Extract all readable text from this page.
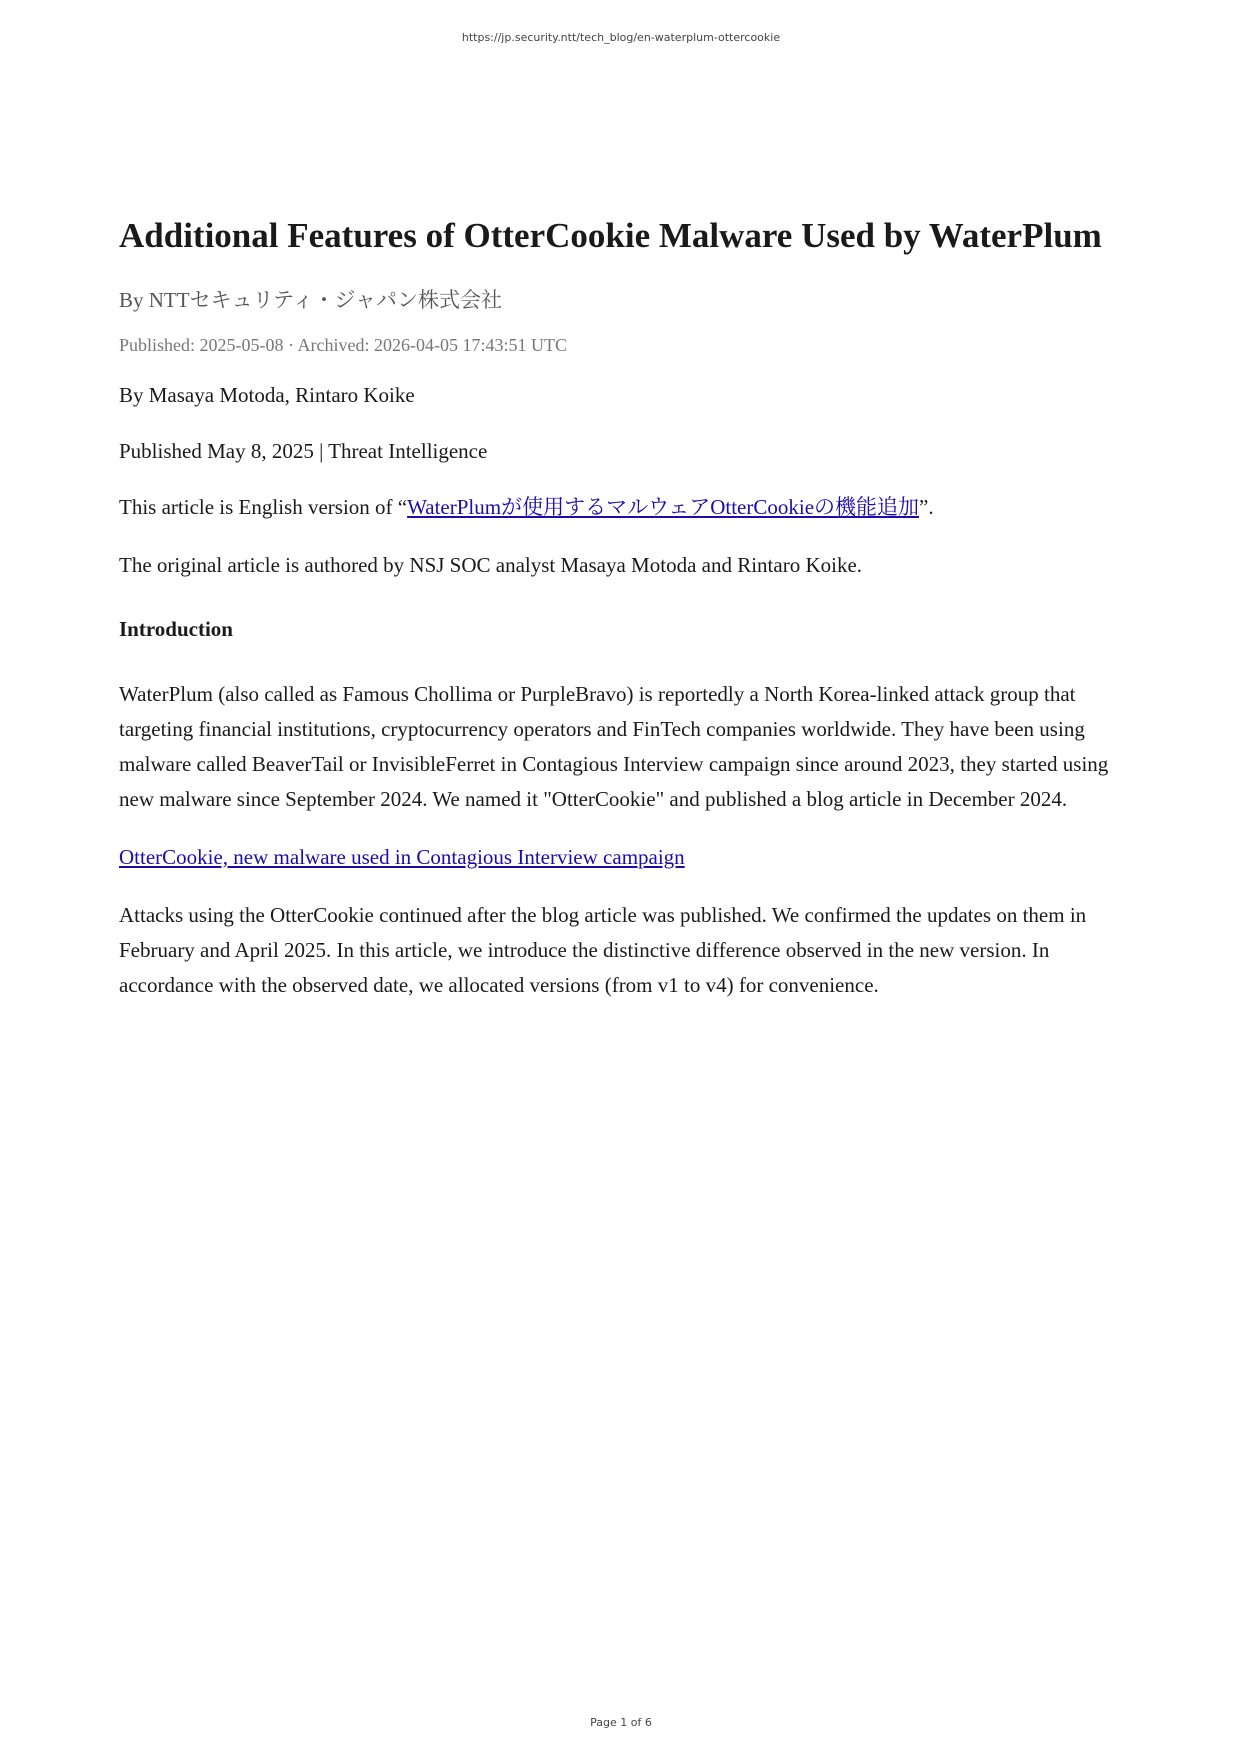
https://jp.security.ntt/tech_blog/en-waterplum-ottercookie
Additional Features of OtterCookie Malware Used by WaterPlum
By NTTセキュリティ・ジャパン株式会社
Published: 2025-05-08 · Archived: 2026-04-05 17:43:51 UTC

By Masaya Motoda, Rintaro Koike

Published May 8, 2025 | Threat Intelligence

This article is English version of “WaterPlumが使用するマルウェアOtterCookieの機能追加”.

The original article is authored by NSJ SOC analyst Masaya Motoda and Rintaro Koike.

Introduction

WaterPlum (also called as Famous Chollima or PurpleBravo) is reportedly a North Korea-linked attack group that targeting financial institutions, cryptocurrency operators and FinTech companies worldwide. They have been using malware called BeaverTail or InvisibleFerret in Contagious Interview campaign since around 2023, they started using new malware since September 2024. We named it "OtterCookie" and published a blog article in December 2024.

OtterCookie, new malware used in Contagious Interview campaign

Attacks using the OtterCookie continued after the blog article was published. We confirmed the updates on them in February and April 2025. In this article, we introduce the distinctive difference observed in the new version. In accordance with the observed date, we allocated versions (from v1 to v4) for convenience.

Page 1 of 6
